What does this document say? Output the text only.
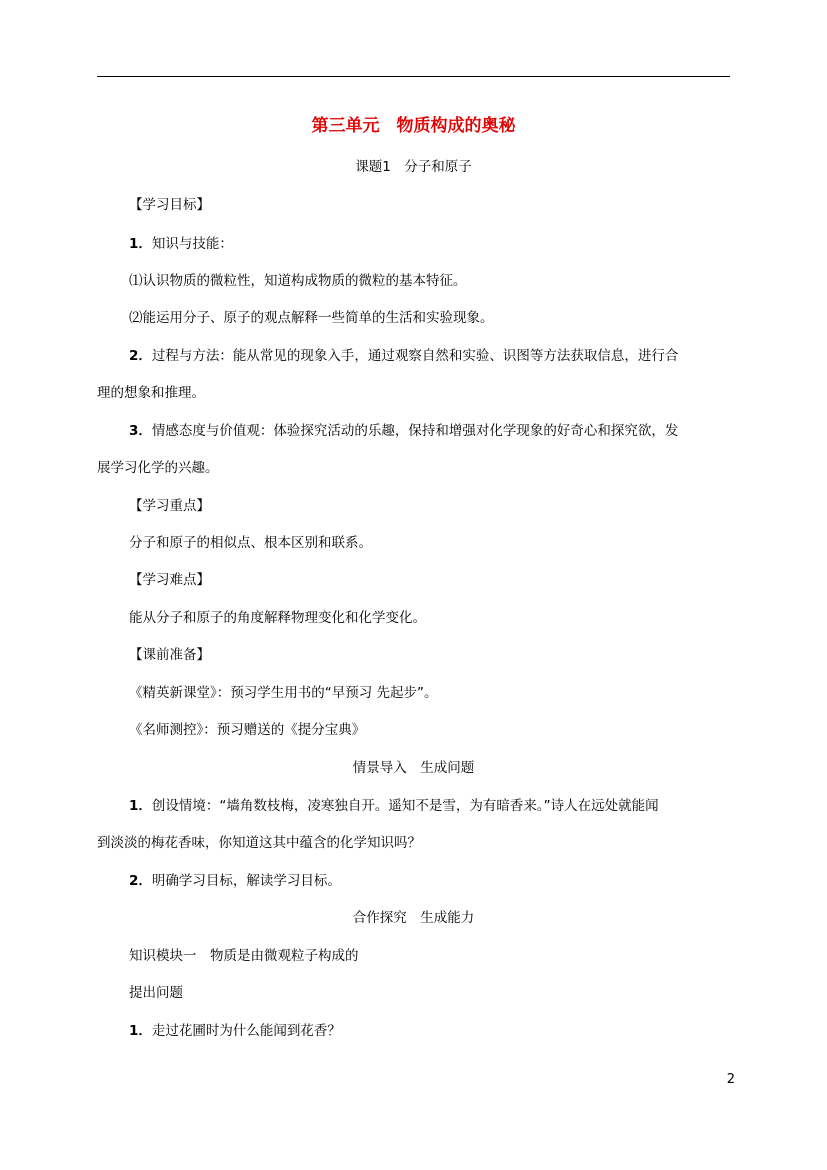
第三单元　物质构成的奥秘
课题1　分子和原子
【学习目标】
1．知识与技能：
⑴认识物质的微粒性，知道构成物质的微粒的基本特征。
⑵能运用分子、原子的观点解释一些简单的生活和实验现象。
2．过程与方法：能从常见的现象入手，通过观察自然和实验、识图等方法获取信息，进行合
理的想象和推理。
3．情感态度与价值观：体验探究活动的乐趣，保持和增强对化学现象的好奇心和探究欲，发
展学习化学的兴趣。
【学习重点】
分子和原子的相似点、根本区别和联系。
【学习难点】
能从分子和原子的角度解释物理变化和化学变化。
【课前准备】
《精英新课堂》：预习学生用书的“早预习 先起步”。
《名师测控》：预习赠送的《提分宝典》
情景导入　生成问题
1．创设情境：“墙角数枝梅，凌寒独自开。遥知不是雪，为有暗香来。”诗人在远处就能闻
到淡淡的梅花香味，你知道这其中蕴含的化学知识吗？
2．明确学习目标，解读学习目标。
合作探究　生成能力
知识模块一　物质是由微观粒子构成的
提出问题
1．走过花圃时为什么能闻到花香？
2
